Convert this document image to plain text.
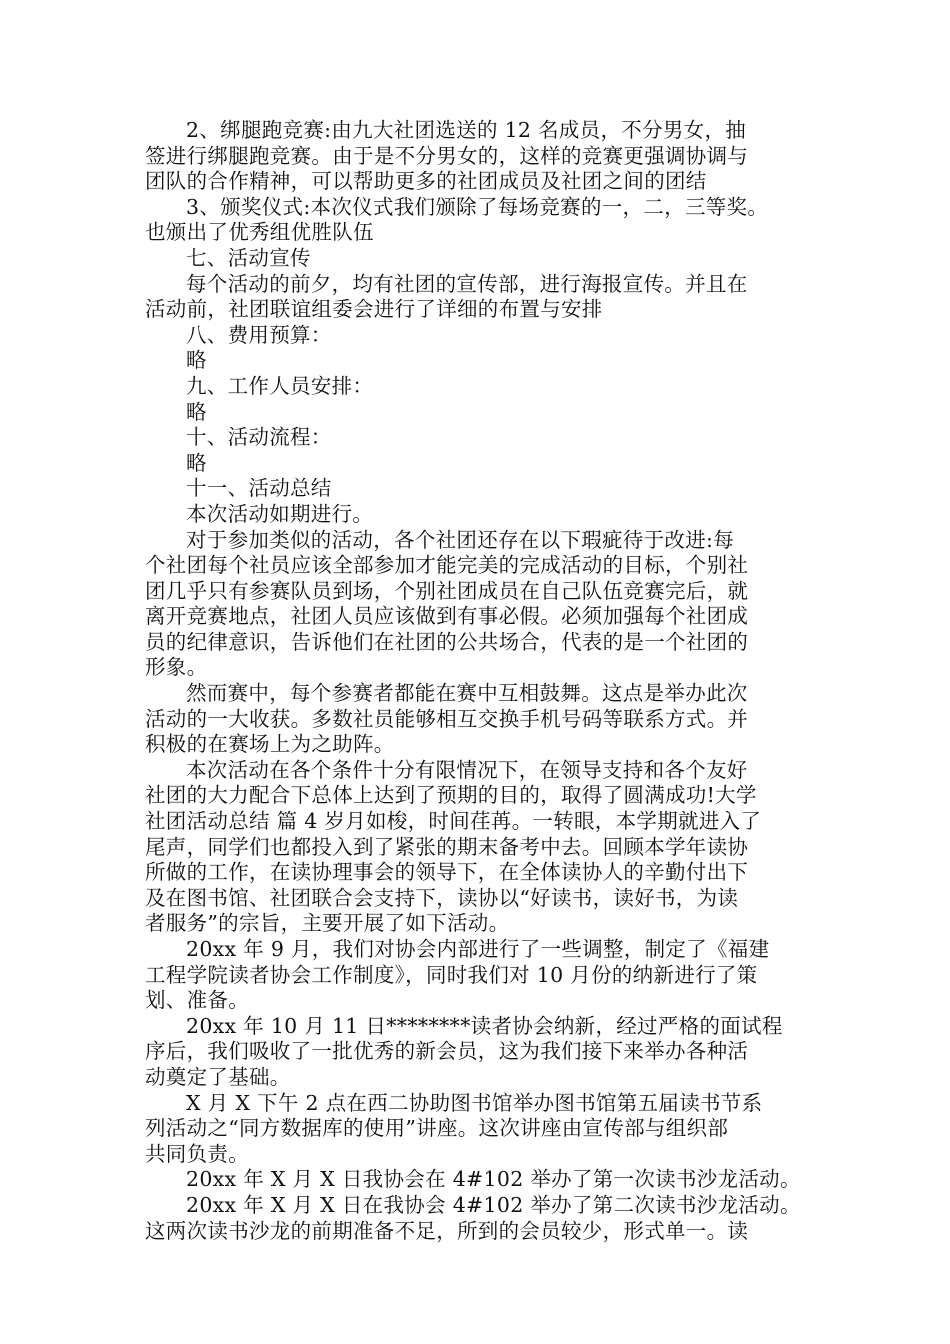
2、绑腿跑竞赛:由九大社团选送的 12 名成员，不分男女，抽
签进行绑腿跑竞赛。由于是不分男女的，这样的竞赛更强调协调与
团队的合作精神，可以帮助更多的社团成员及社团之间的团结
3、颁奖仪式:本次仪式我们颁除了每场竞赛的一，二，三等奖。
也颁出了优秀组优胜队伍
七、活动宣传
每个活动的前夕，均有社团的宣传部，进行海报宣传。并且在
活动前，社团联谊组委会进行了详细的布置与安排
八、费用预算：
略
九、工作人员安排：
略
十、活动流程：
略
十一、活动总结
本次活动如期进行。
对于参加类似的活动，各个社团还存在以下瑕疵待于改进:每
个社团每个社员应该全部参加才能完美的完成活动的目标，个别社
团几乎只有参赛队员到场，个别社团成员在自己队伍竞赛完后，就
离开竞赛地点，社团人员应该做到有事必假。必须加强每个社团成
员的纪律意识，告诉他们在社团的公共场合，代表的是一个社团的
形象。
然而赛中，每个参赛者都能在赛中互相鼓舞。这点是举办此次
活动的一大收获。多数社员能够相互交换手机号码等联系方式。并
积极的在赛场上为之助阵。
本次活动在各个条件十分有限情况下，在领导支持和各个友好
社团的大力配合下总体上达到了预期的目的，取得了圆满成功!大学
社团活动总结 篇 4 岁月如梭，时间荏苒。一转眼，本学期就进入了
尾声，同学们也都投入到了紧张的期末备考中去。回顾本学年读协
所做的工作，在读协理事会的领导下，在全体读协人的辛勤付出下
及在图书馆、社团联合会支持下，读协以“好读书，读好书，为读
者服务”的宗旨，主要开展了如下活动。
20xx 年 9 月，我们对协会内部进行了一些调整，制定了《福建
工程学院读者协会工作制度》，同时我们对 10 月份的纳新进行了策
划、准备。
20xx 年 10 月 11 日********读者协会纳新，经过严格的面试程
序后，我们吸收了一批优秀的新会员，这为我们接下来举办各种活
动奠定了基础。
X 月 X 下午 2 点在西二协助图书馆举办图书馆第五届读书节系
列活动之“同方数据库的使用”讲座。这次讲座由宣传部与组织部
共同负责。
20xx 年 X 月 X 日我协会在 4#102 举办了第一次读书沙龙活动。
20xx 年 X 月 X 日在我协会 4#102 举办了第二次读书沙龙活动。
这两次读书沙龙的前期准备不足，所到的会员较少，形式单一。读
